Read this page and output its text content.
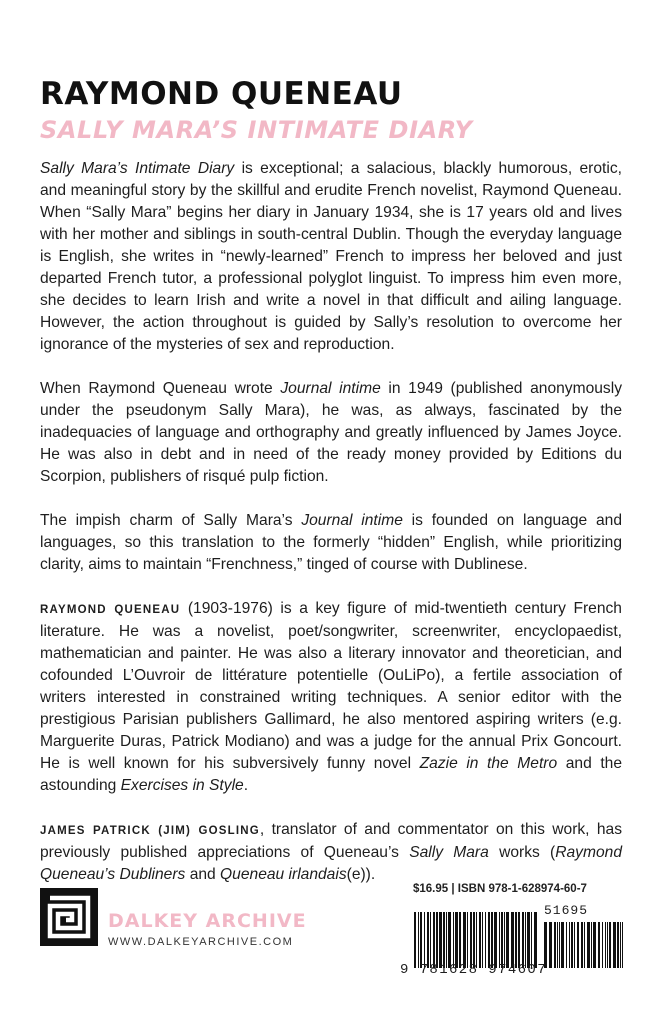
RAYMOND QUENEAU
SALLY MARA’S INTIMATE DIARY

Sally Mara’s Intimate Diary is exceptional; a salacious, blackly humorous, erotic, and meaningful story by the skillful and erudite French novelist, Raymond Queneau. When “Sally Mara” begins her diary in January 1934, she is 17 years old and lives with her mother and siblings in south-central Dublin. Though the everyday language is English, she writes in “newly-learned” French to impress her beloved and just departed French tutor, a professional polyglot linguist. To impress him even more, she decides to learn Irish and write a novel in that difficult and ailing language. However, the action throughout is guided by Sally’s resolution to overcome her ignorance of the mysteries of sex and reproduction.

When Raymond Queneau wrote Journal intime in 1949 (published anonymously under the pseudonym Sally Mara), he was, as always, fascinated by the inadequacies of language and orthography and greatly influenced by James Joyce. He was also in debt and in need of the ready money provided by Editions du Scorpion, publishers of risqué pulp fiction.

The impish charm of Sally Mara’s Journal intime is founded on language and languages, so this translation to the formerly “hidden” English, while prioritizing clarity, aims to maintain “Frenchness,” tinged of course with Dublinese.

RAYMOND QUENEAU (1903-1976) is a key figure of mid-twentieth century French literature. He was a novelist, poet/songwriter, screenwriter, encyclopaedist, mathematician and painter. He was also a literary innovator and theoretician, and cofounded L’Ouvroir de littérature potentielle (OuLiPo), a fertile association of writers interested in constrained writing techniques. A senior editor with the prestigious Parisian publishers Gallimard, he also mentored aspiring writers (e.g. Marguerite Duras, Patrick Modiano) and was a judge for the annual Prix Goncourt. He is well known for his subversively funny novel Zazie in the Metro and the astounding Exercises in Style.

JAMES PATRICK (JIM) GOSLING, translator of and commentator on this work, has previously published appreciations of Queneau’s Sally Mara works (Raymond Queneau’s Dubliners and Queneau irlandais(e)).

DALKEY ARCHIVE
WWW.DALKEYARCHIVE.COM
$16.95 | ISBN 978-1-628974-60-7
51695
9 781628 974607
